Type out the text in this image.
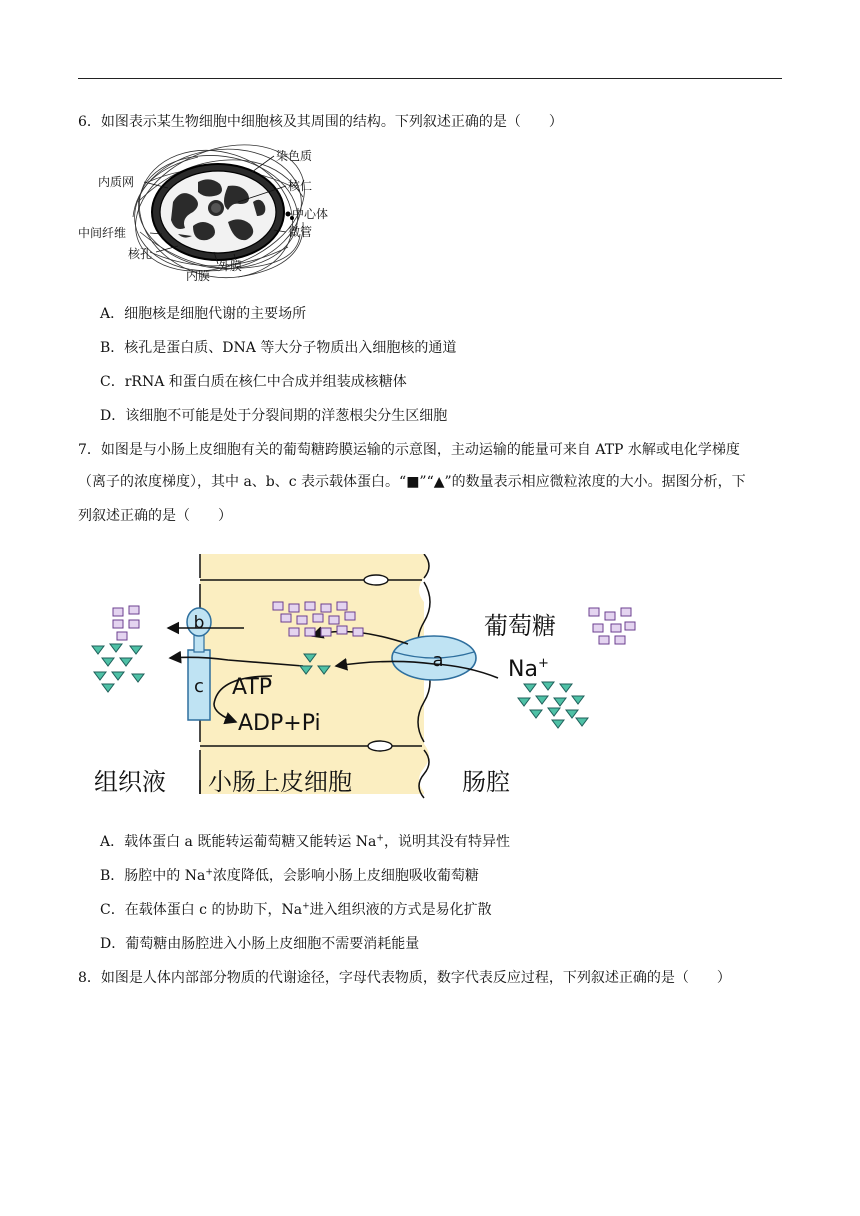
6．如图表示某生物细胞中细胞核及其周围的结构。下列叙述正确的是（　　）
染色质
内质网	核仁
中心体
中间纤维	微管
核孔
内膜
外膜
A．细胞核是细胞代谢的主要场所
B．核孔是蛋白质、DNA 等大分子物质出入细胞核的通道
C．rRNA 和蛋白质在核仁中合成并组装成核糖体
D．该细胞不可能是处于分裂间期的洋葱根尖分生区细胞
7．如图是与小肠上皮细胞有关的葡萄糖跨膜运输的示意图，主动运输的能量可来自 ATP 水解或电化学梯度
（离子的浓度梯度），其中 a、b、c 表示载体蛋白。“■”“▲”的数量表示相应微粒浓度的大小。据图分析，下
列叙述正确的是（　　）
c
b
a
ATP
ADP+Pi
葡萄糖
Na+
组织液 小肠上皮细胞	肠腔
A．载体蛋白 a 既能转运葡萄糖又能转运 Na+，说明其没有特异性
B．肠腔中的 Na+浓度降低，会影响小肠上皮细胞吸收葡萄糖
C．在载体蛋白 c 的协助下，Na+进入组织液的方式是易化扩散
D．葡萄糖由肠腔进入小肠上皮细胞不需要消耗能量
8．如图是人体内部部分物质的代谢途径，字母代表物质，数字代表反应过程，下列叙述正确的是（　　）
